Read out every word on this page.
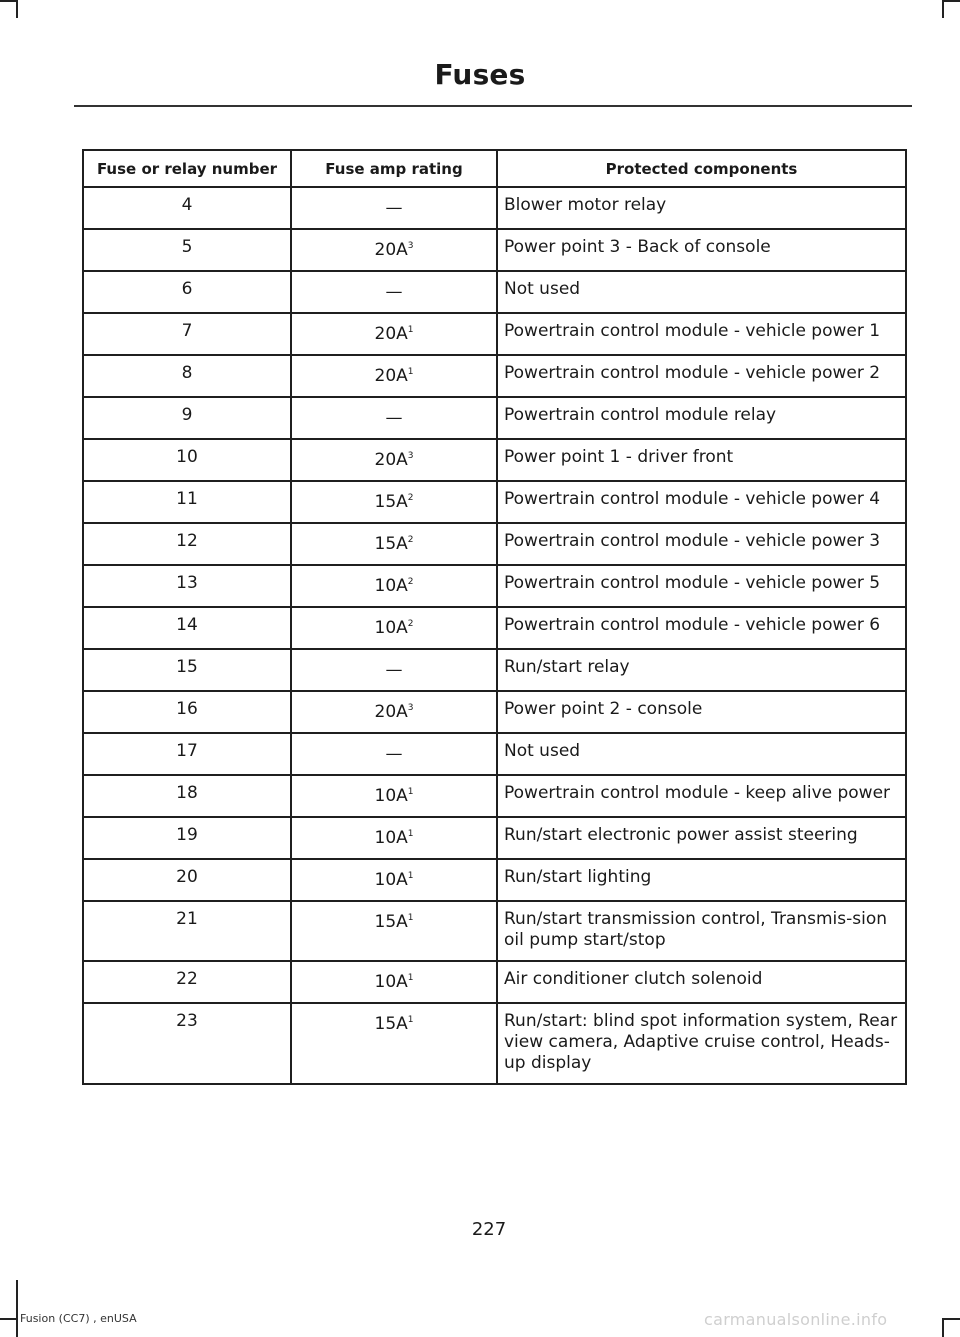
Fuses
Fuse or relay number	Fuse amp rating	Protected components
4	—	Blower motor relay
5	$20A^3$	Power point 3 - Back of console
6	—	Not used
7	$20A^1$	Powertrain control module - vehicle power 1
8	$20A^1$	Powertrain control module - vehicle power 2
9	—	Powertrain control module relay
10	$20A^3$	Power point 1 - driver front
11	$15A^2$	Powertrain control module - vehicle power 4
12	$15A^2$	Powertrain control module - vehicle power 3
13	$10A^2$	Powertrain control module - vehicle power 5
14	$10A^2$	Powertrain control module - vehicle power 6
15	—	Run/start relay
16	$20A^3$	Power point 2 - console
17	—	Not used
18	$10A^1$	Powertrain control module - keep alive power
19	$10A^1$	Run/start electronic power assist steering
20	$10A^1$	Run/start lighting
21	$15A^1$	Run/start transmission control, Transmis-sion oil pump start/stop
22	$10A^1$	Air conditioner clutch solenoid
23	$15A^1$	Run/start: blind spot information system, Rear view camera, Adaptive cruise control, Heads-up display
227
Fusion (CC7) , enUSA	carmanualsonline.info
